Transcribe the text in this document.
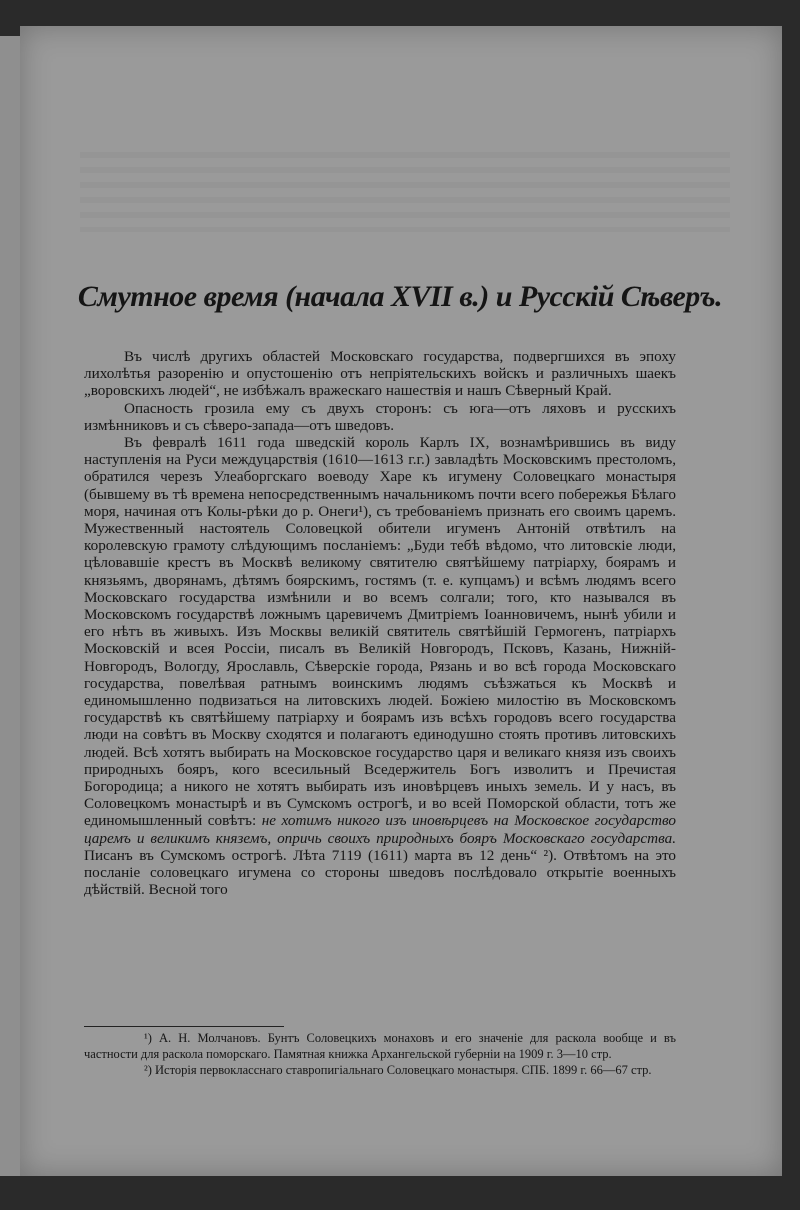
Смутное время (начала XVII в.) и Русскій Сѣверъ.

Въ числѣ другихъ областей Московскаго государства, подвергшихся въ эпоху лихолѣтья разоренію и опустошенію отъ непріятельскихъ войскъ и различныхъ шаекъ „воровскихъ людей“, не избѣжалъ вражескаго нашествія и нашъ Сѣверный Край.

Опасность грозила ему съ двухъ сторонъ: съ юга—отъ ляховъ и русскихъ измѣнниковъ и съ сѣверо-запада—отъ шведовъ.

Въ февралѣ 1611 года шведскій король Карлъ IX, вознамѣрившись въ виду наступленія на Руси междуцарствія (1610—1613 г.г.) завладѣть Московскимъ престоломъ, обратился черезъ Улеаборгскаго воеводу Харе къ игумену Соловецкаго монастыря (бывшему въ тѣ времена непосредственнымъ начальникомъ почти всего побережья Бѣлаго моря, начиная отъ Колы-рѣки до р. Онеги¹), съ требованіемъ признать его своимъ царемъ. Мужественный настоятель Соловецкой обители игуменъ Антоній отвѣтилъ на королевскую грамоту слѣдующимъ посланіемъ: „Буди тебѣ вѣдомо, что литовскіе люди, цѣловавшіе крестъ въ Москвѣ великому святителю святѣйшему патріарху, боярамъ и князьямъ, дворянамъ, дѣтямъ боярскимъ, гостямъ (т. е. купцамъ) и всѣмъ людямъ всего Московскаго государства измѣнили и во всемъ солгали; того, кто назывался въ Московскомъ государствѣ ложнымъ царевичемъ Дмитріемъ Іоанновичемъ, нынѣ убили и его нѣтъ въ живыхъ. Изъ Москвы великій святитель святѣйшій Гермогенъ, патріархъ Московскій и всея Россіи, писалъ въ Великій Новгородъ, Псковъ, Казань, Нижній-Новгородъ, Вологду, Ярославль, Сѣверскіе города, Рязань и во всѣ города Московскаго государства, повелѣвая ратнымъ воинскимъ людямъ съѣзжаться къ Москвѣ и единомышленно подвизаться на литовскихъ людей. Божіею милостію въ Московскомъ государствѣ къ святѣйшему патріарху и боярамъ изъ всѣхъ городовъ всего государства люди на совѣтъ въ Москву сходятся и полагаютъ единодушно стоять противъ литовскихъ людей. Всѣ хотятъ выбирать на Московское государство царя и великаго князя изъ своихъ природныхъ бояръ, кого всесильный Вседержитель Богъ изволитъ и Пречистая Богородица; а никого не хотятъ выбирать изъ иновѣрцевъ иныхъ земель. И у насъ, въ Соловецкомъ монастырѣ и въ Сумскомъ острогѣ, и во всей Поморской области, тотъ же единомышленный совѣтъ: не хотимъ никого изъ иновѣрцевъ на Московское государство царемъ и великимъ княземъ, опричь своихъ природныхъ бояръ Московскаго государства. Писанъ въ Сумскомъ острогѣ. Лѣта 7119 (1611) марта въ 12 день“ ²). Отвѣтомъ на это посланіе соловецкаго игумена со стороны шведовъ послѣдовало открытіе военныхъ дѣйствій. Весной того

¹) А. Н. Молчановъ. Бунтъ Соловецкихъ монаховъ и его значеніе для раскола вообще и въ частности для раскола поморскаго. Памятная книжка Архангельской губерніи на 1909 г. 3—10 стр.

²) Исторія первокласснаго ставропигіальнаго Соловецкаго монастыря. СПБ. 1899 г. 66—67 стр.
